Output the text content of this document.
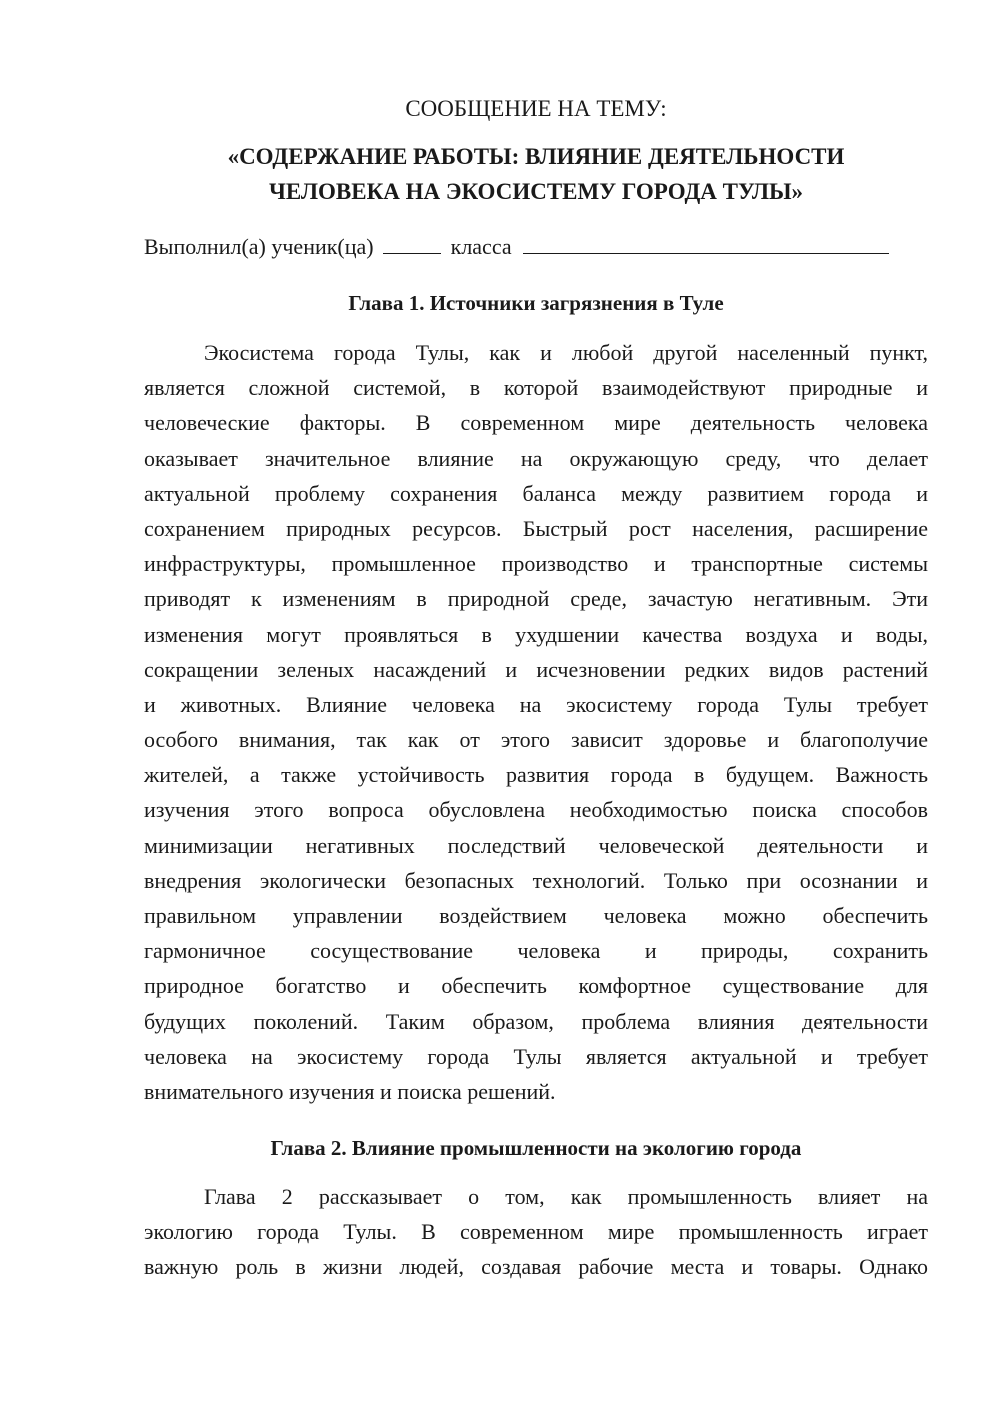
СООБЩЕНИЕ НА ТЕМУ:
«СОДЕРЖАНИЕ РАБОТЫ: ВЛИЯНИЕ ДЕЯТЕЛЬНОСТИ
ЧЕЛОВЕКА НА ЭКОСИСТЕМУ ГОРОДА ТУЛЫ»
Выполнил(а) ученик(ца)	класса
Глава 1. Источники загрязнения в Туле
Экосистема города Тулы, как и любой другой населенный пункт,
является сложной системой, в которой взаимодействуют природные и
человеческие факторы. В современном мире деятельность человека
оказывает значительное влияние на окружающую среду, что делает
актуальной проблему сохранения баланса между развитием города и
сохранением природных ресурсов. Быстрый рост населения, расширение
инфраструктуры, промышленное производство и транспортные системы
приводят к изменениям в природной среде, зачастую негативным. Эти
изменения могут проявляться в ухудшении качества воздуха и воды,
сокращении зеленых насаждений и исчезновении редких видов растений
и животных. Влияние человека на экосистему города Тулы требует
особого внимания, так как от этого зависит здоровье и благополучие
жителей, а также устойчивость развития города в будущем. Важность
изучения этого вопроса обусловлена необходимостью поиска способов
минимизации негативных последствий человеческой деятельности и
внедрения экологически безопасных технологий. Только при осознании и
правильном управлении воздействием человека можно обеспечить
гармоничное сосуществование человека и природы, сохранить
природное богатство и обеспечить комфортное существование для
будущих поколений. Таким образом, проблема влияния деятельности
человека на экосистему города Тулы является актуальной и требует
внимательного изучения и поиска решений.
Глава 2. Влияние промышленности на экологию города
Глава 2 рассказывает о том, как промышленность влияет на
экологию города Тулы. В современном мире промышленность играет
важную роль в жизни людей, создавая рабочие места и товары. Однако
